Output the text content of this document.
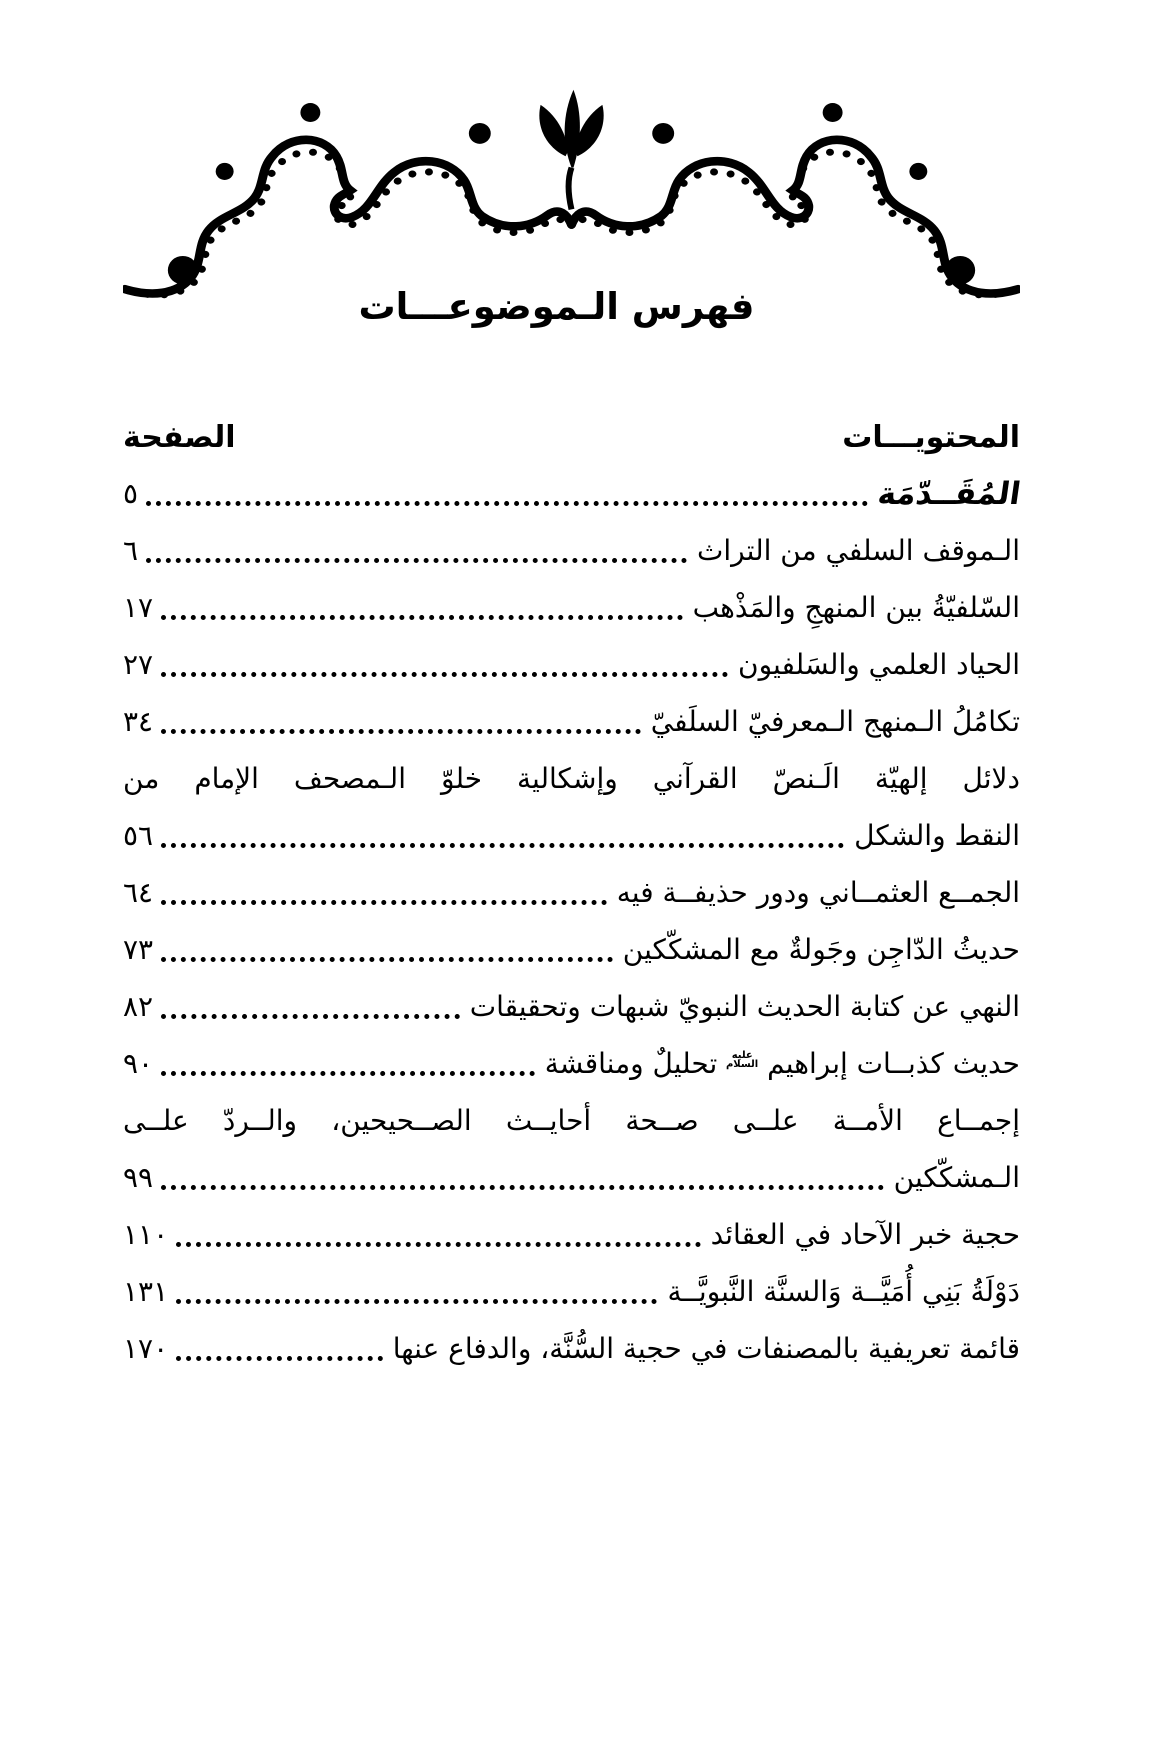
فهرس الـموضوعـــات
المحتويـــات
الصفحة
المُقَــدّمَة
٥
الـموقف السلفي من التراث
٦
السّلفيّةُ بين المنهجِ والمَذْهب
١٧
الحياد العلمي والسَلفيون
٢٧
تكامُلُ الـمنهج الـمعرفيّ السلَفيّ
٣٤
دلائل إلهيّة الَـنصّ القرآني وإشكالية خلوّ الـمصحف الإمام من
النقط والشكل
٥٦
الجمــع العثمــاني ودور حذيفــة فيه
٦٤
حديثُ الدّاجِن وجَولةٌ مع المشكّكين
٧٣
النهي عن كتابة الحديث النبويّ شبهات وتحقيقات
٨٢
حديث كذبــات إبراهيم عليه السلام تحليلٌ ومناقشة
٩٠
إجمــاع الأمــة علــى صــحة أحايــث الصــحيحين، والــردّ علــى
الـمشكّكين
٩٩
حجية خبر الآحاد في العقائد
١١٠
دَوْلَةُ بَنِي أُمَيَّــة وَالسنَّة النَّبويَّــة
١٣١
قائمة تعريفية بالمصنفات في حجية السُّنَّة، والدفاع عنها
١٧٠
